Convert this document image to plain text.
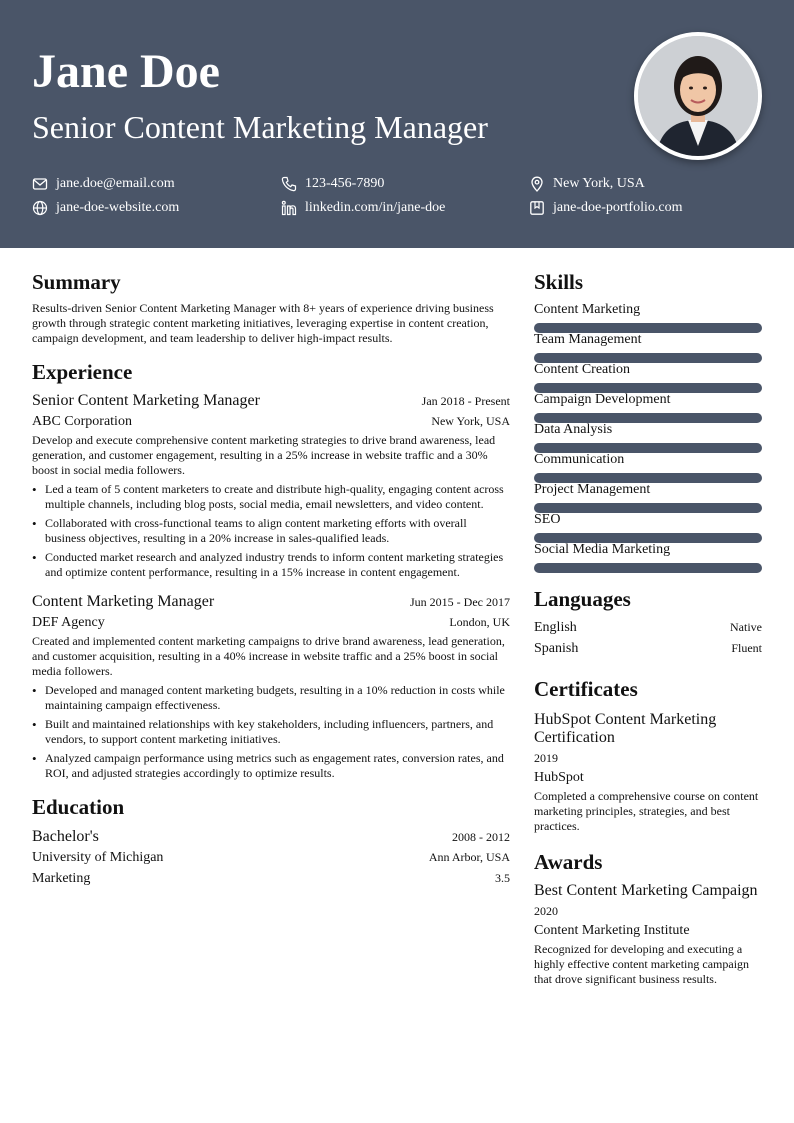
Jane Doe
Senior Content Marketing Manager
jane.doe@email.com	123-456-7890	New York, USA
jane-doe-website.com	linkedin.com/in/jane-doe	jane-doe-portfolio.com
Summary
Results-driven Senior Content Marketing Manager with 8+ years of experience driving business growth through strategic content marketing initiatives, leveraging expertise in content creation, campaign development, and team leadership to deliver high-impact results.
Experience
Senior Content Marketing Manager	Jan 2018 - Present
ABC Corporation	New York, USA
Develop and execute comprehensive content marketing strategies to drive brand awareness, lead generation, and customer engagement, resulting in a 25% increase in website traffic and a 30% boost in social media followers.
• Led a team of 5 content marketers to create and distribute high-quality, engaging content across multiple channels, including blog posts, social media, email newsletters, and video content.
• Collaborated with cross-functional teams to align content marketing efforts with overall business objectives, resulting in a 20% increase in sales-qualified leads.
• Conducted market research and analyzed industry trends to inform content marketing strategies and optimize content performance, resulting in a 15% increase in content engagement.
Content Marketing Manager	Jun 2015 - Dec 2017
DEF Agency	London, UK
Created and implemented content marketing campaigns to drive brand awareness, lead generation, and customer acquisition, resulting in a 40% increase in website traffic and a 25% boost in social media followers.
• Developed and managed content marketing budgets, resulting in a 10% reduction in costs while maintaining campaign effectiveness.
• Built and maintained relationships with key stakeholders, including influencers, partners, and vendors, to support content marketing initiatives.
• Analyzed campaign performance using metrics such as engagement rates, conversion rates, and ROI, and adjusted strategies accordingly to optimize results.
Education
Bachelor's	2008 - 2012
University of Michigan	Ann Arbor, USA
Marketing	3.5
Skills
Content Marketing
Team Management
Content Creation
Campaign Development
Data Analysis
Communication
Project Management
SEO
Social Media Marketing
Languages
English	Native
Spanish	Fluent
Certificates
HubSpot Content Marketing Certification
2019
HubSpot
Completed a comprehensive course on content marketing principles, strategies, and best practices.
Awards
Best Content Marketing Campaign
2020
Content Marketing Institute
Recognized for developing and executing a highly effective content marketing campaign that drove significant business results.
